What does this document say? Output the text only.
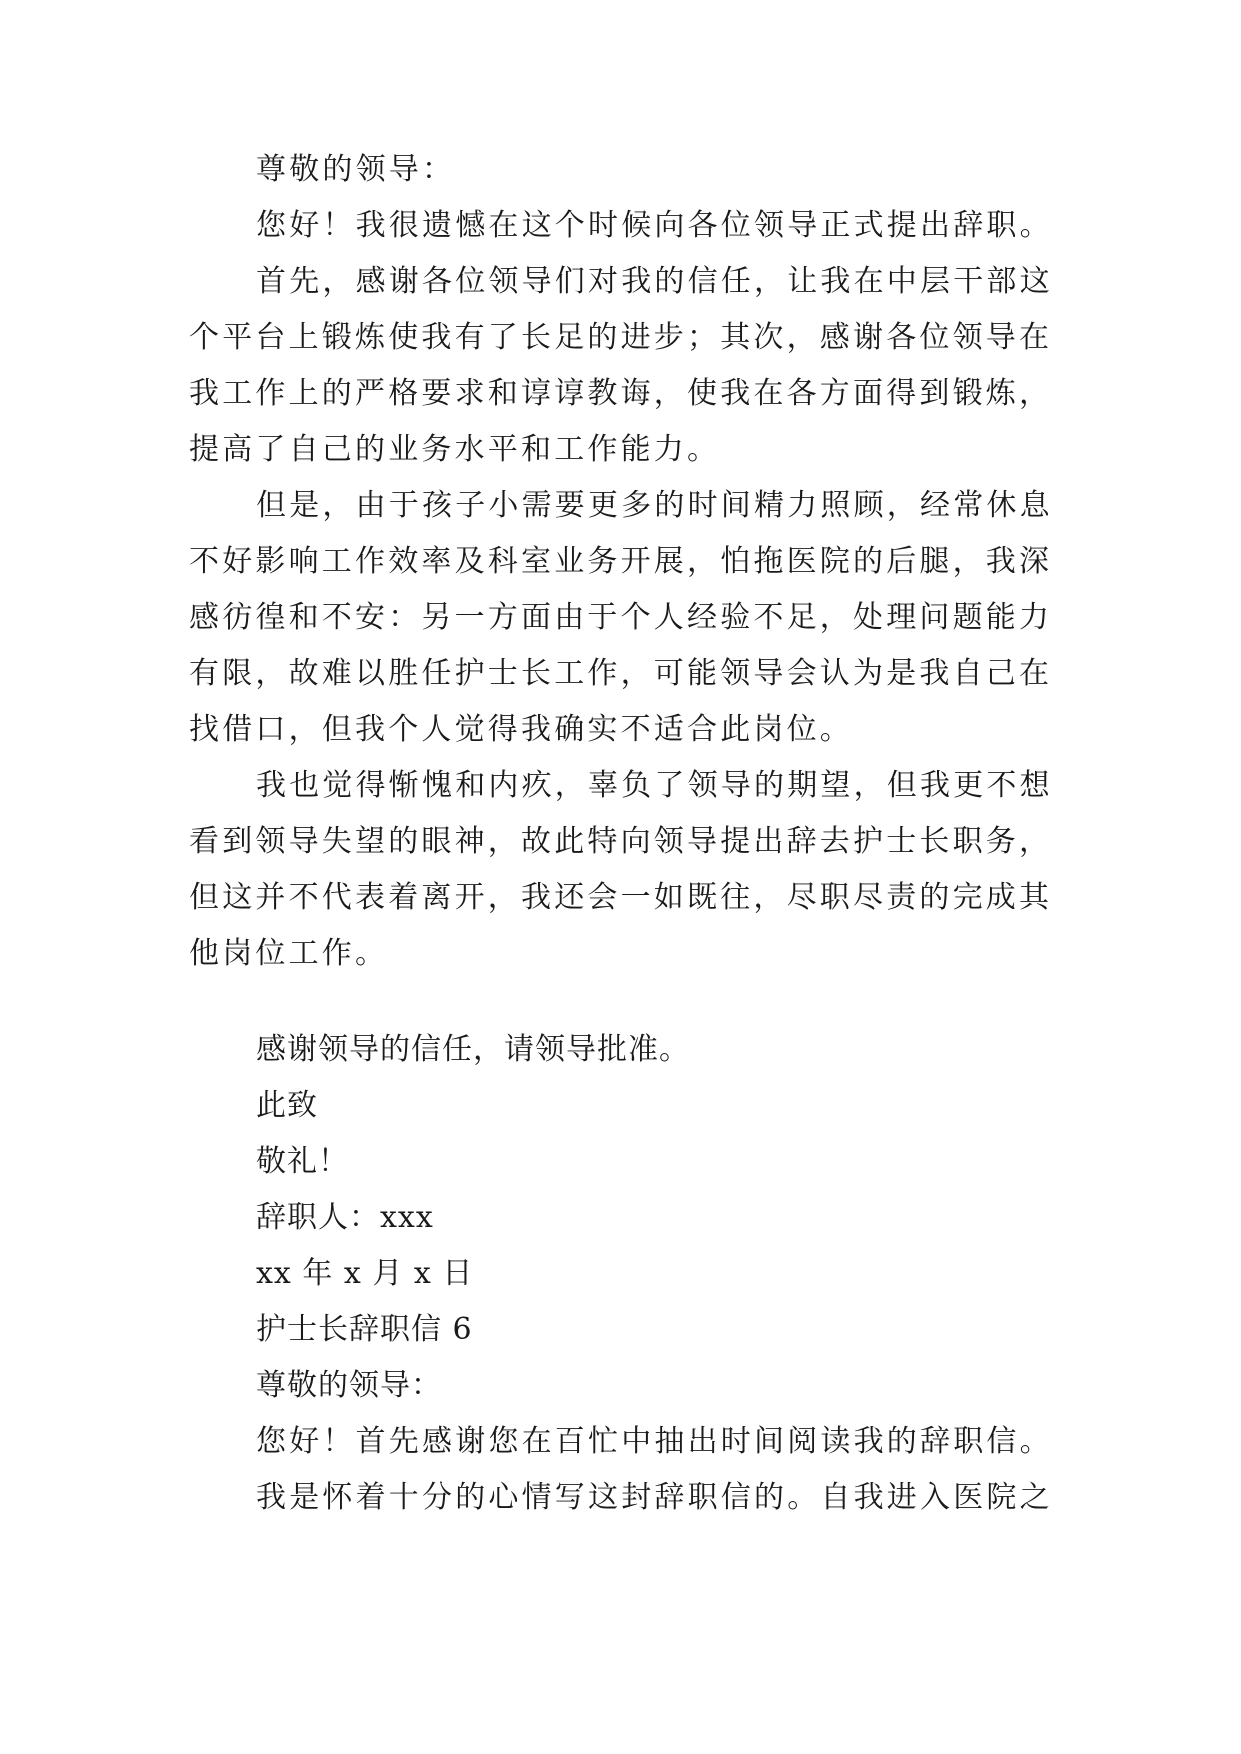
尊敬的领导：
您好！我很遗憾在这个时候向各位领导正式提出辞职。
首先，感谢各位领导们对我的信任，让我在中层干部这
个平台上锻炼使我有了长足的进步；其次，感谢各位领导在
我工作上的严格要求和谆谆教诲，使我在各方面得到锻炼，
提高了自己的业务水平和工作能力。
但是，由于孩子小需要更多的时间精力照顾，经常休息
不好影响工作效率及科室业务开展，怕拖医院的后腿，我深
感彷徨和不安：另一方面由于个人经验不足，处理问题能力
有限，故难以胜任护士长工作，可能领导会认为是我自己在
找借口，但我个人觉得我确实不适合此岗位。
我也觉得惭愧和内疚，辜负了领导的期望，但我更不想
看到领导失望的眼神，故此特向领导提出辞去护士长职务，
但这并不代表着离开，我还会一如既往，尽职尽责的完成其
他岗位工作。
感谢领导的信任，请领导批准。
此致
敬礼！
辞职人：xxx
xx 年 x 月 x 日
护士长辞职信 6
尊敬的领导：
您好！首先感谢您在百忙中抽出时间阅读我的辞职信。
我是怀着十分的心情写这封辞职信的。自我进入医院之
